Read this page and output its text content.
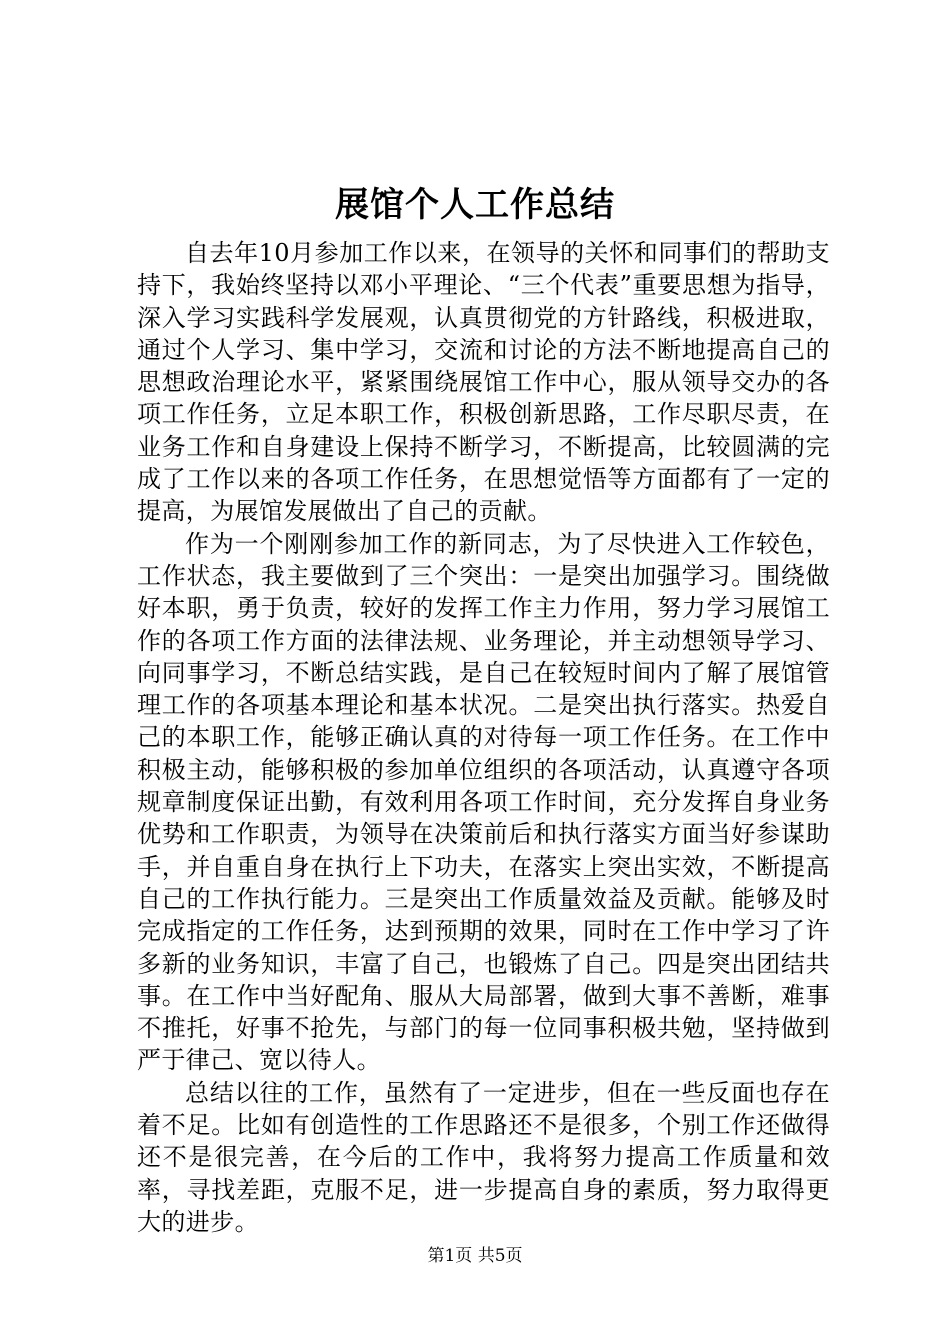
展馆个人工作总结

自去年10月参加工作以来，在领导的关怀和同事们的帮助支持下，我始终坚持以邓小平理论、“三个代表”重要思想为指导，深入学习实践科学发展观，认真贯彻党的方针路线，积极进取，通过个人学习、集中学习，交流和讨论的方法不断地提高自己的思想政治理论水平，紧紧围绕展馆工作中心，服从领导交办的各项工作任务，立足本职工作，积极创新思路，工作尽职尽责，在业务工作和自身建设上保持不断学习，不断提高，比较圆满的完成了工作以来的各项工作任务，在思想觉悟等方面都有了一定的提高，为展馆发展做出了自己的贡献。

作为一个刚刚参加工作的新同志，为了尽快进入工作较色，工作状态，我主要做到了三个突出：一是突出加强学习。围绕做好本职，勇于负责，较好的发挥工作主力作用，努力学习展馆工作的各项工作方面的法律法规、业务理论，并主动想领导学习、向同事学习，不断总结实践，是自己在较短时间内了解了展馆管理工作的各项基本理论和基本状况。二是突出执行落实。热爱自己的本职工作，能够正确认真的对待每一项工作任务。在工作中积极主动，能够积极的参加单位组织的各项活动，认真遵守各项规章制度保证出勤，有效利用各项工作时间，充分发挥自身业务优势和工作职责，为领导在决策前后和执行落实方面当好参谋助手，并自重自身在执行上下功夫，在落实上突出实效，不断提高自己的工作执行能力。三是突出工作质量效益及贡献。能够及时完成指定的工作任务，达到预期的效果，同时在工作中学习了许多新的业务知识，丰富了自己，也锻炼了自己。四是突出团结共事。在工作中当好配角、服从大局部署，做到大事不善断，难事不推托，好事不抢先，与部门的每一位同事积极共勉，坚持做到严于律己、宽以待人。

总结以往的工作，虽然有了一定进步，但在一些反面也存在着不足。比如有创造性的工作思路还不是很多，个别工作还做得还不是很完善，在今后的工作中，我将努力提高工作质量和效率，寻找差距，克服不足，进一步提高自身的素质，努力取得更大的进步。

第1页 共5页
